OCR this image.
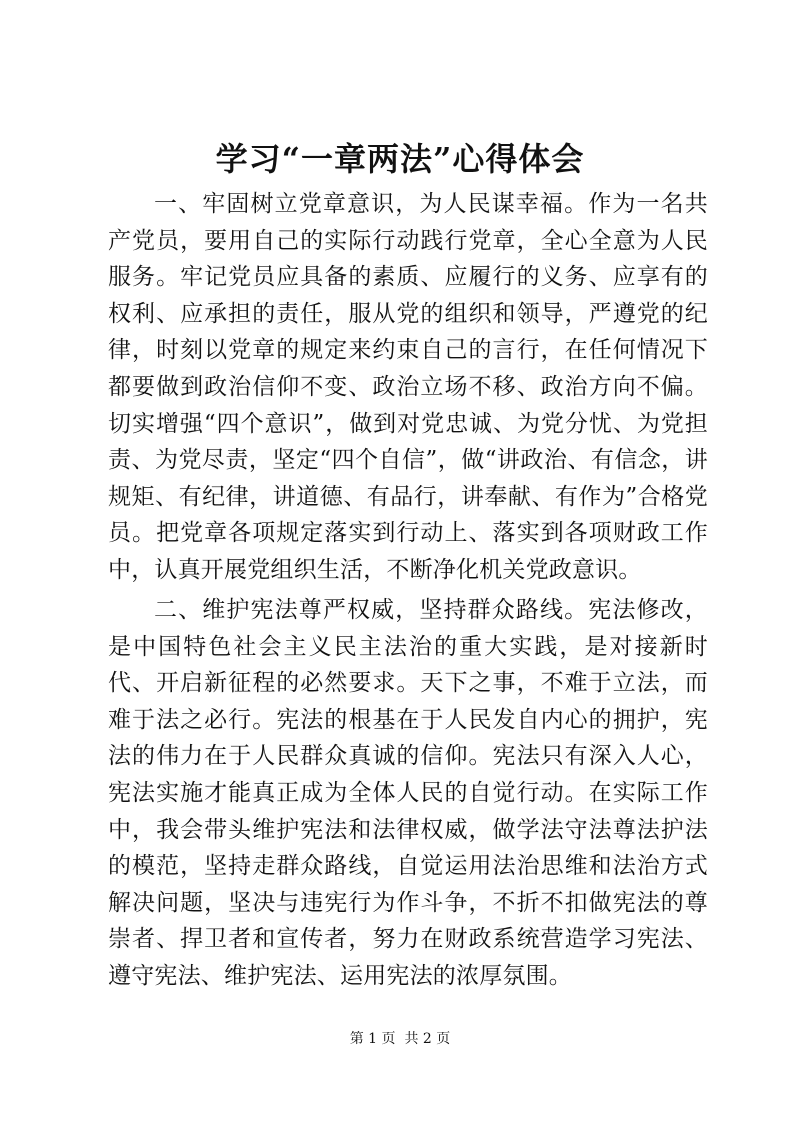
学习“一章两法”心得体会

一、牢固树立党章意识，为人民谋幸福。作为一名共产党员，要用自己的实际行动践行党章，全心全意为人民服务。牢记党员应具备的素质、应履行的义务、应享有的权利、应承担的责任，服从党的组织和领导，严遵党的纪律，时刻以党章的规定来约束自己的言行，在任何情况下都要做到政治信仰不变、政治立场不移、政治方向不偏。切实增强“四个意识”，做到对党忠诚、为党分忧、为党担责、为党尽责，坚定“四个自信”，做“讲政治、有信念，讲规矩、有纪律，讲道德、有品行，讲奉献、有作为”合格党员。把党章各项规定落实到行动上、落实到各项财政工作中，认真开展党组织生活，不断净化机关党政意识。

二、维护宪法尊严权威，坚持群众路线。宪法修改，是中国特色社会主义民主法治的重大实践，是对接新时代、开启新征程的必然要求。天下之事，不难于立法，而难于法之必行。宪法的根基在于人民发自内心的拥护，宪法的伟力在于人民群众真诚的信仰。宪法只有深入人心，宪法实施才能真正成为全体人民的自觉行动。在实际工作中，我会带头维护宪法和法律权威，做学法守法尊法护法的模范，坚持走群众路线，自觉运用法治思维和法治方式解决问题，坚决与违宪行为作斗争，不折不扣做宪法的尊崇者、捍卫者和宣传者，努力在财政系统营造学习宪法、遵守宪法、维护宪法、运用宪法的浓厚氛围。

第 1 页  共 2 页
